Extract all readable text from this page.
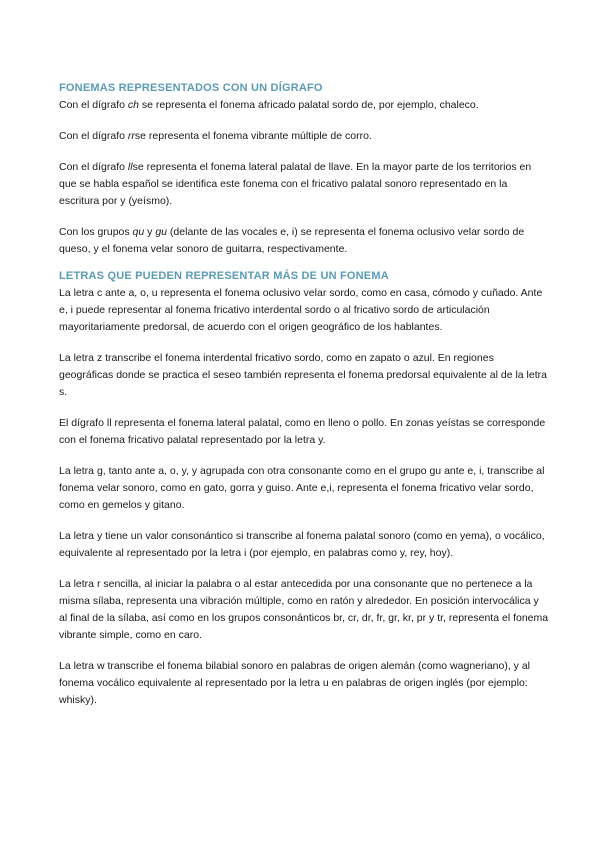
FONEMAS REPRESENTADOS CON UN DÍGRAFO

Con el dígrafo ch se representa el fonema africado palatal sordo de, por ejemplo, chaleco.

Con el dígrafo rrse representa el fonema vibrante múltiple de corro.

Con el dígrafo llse representa el fonema lateral palatal de llave. En la mayor parte de los territorios en que se habla español se identifica este fonema con el fricativo palatal sonoro representado en la escritura por y (yeísmo).

Con los grupos qu y gu (delante de las vocales e, i) se representa el fonema oclusivo velar sordo de queso, y el fonema velar sonoro de guitarra, respectivamente.

LETRAS QUE PUEDEN REPRESENTAR MÁS DE UN FONEMA

La letra c ante a, o, u representa el fonema oclusivo velar sordo, como en casa, cómodo y cuñado. Ante e, i puede representar al fonema fricativo interdental sordo o al fricativo sordo de articulación mayoritariamente predorsal, de acuerdo con el origen geográfico de los hablantes.

La letra z transcribe el fonema interdental fricativo sordo, como en zapato o azul. En regiones geográficas donde se practica el seseo también representa el fonema predorsal equivalente al de la letra s.

El dígrafo ll representa el fonema lateral palatal, como en lleno o pollo. En zonas yeístas se corresponde con el fonema fricativo palatal representado por la letra y.

La letra g, tanto ante a, o, y, y agrupada con otra consonante como en el grupo gu ante e, i, transcribe al fonema velar sonoro, como en gato, gorra y guiso. Ante e,i, representa el fonema fricativo velar sordo, como en gemelos y gitano.

La letra y tiene un valor consonántico si transcribe al fonema palatal sonoro (como en yema), o vocálico, equivalente al representado por la letra i (por ejemplo, en palabras como y, rey, hoy).

La letra r sencilla, al iniciar la palabra o al estar antecedida por una consonante que no pertenece a la misma sílaba, representa una vibración múltiple, como en ratón y alrededor. En posición intervocálica y al final de la sílaba, así como en los grupos consonánticos br, cr, dr, fr, gr, kr, pr y tr, representa el fonema vibrante simple, como en caro.

La letra w transcribe el fonema bilabial sonoro en palabras de origen alemán (como wagneriano), y al fonema vocálico equivalente al representado por la letra u en palabras de origen inglés (por ejemplo: whisky).
